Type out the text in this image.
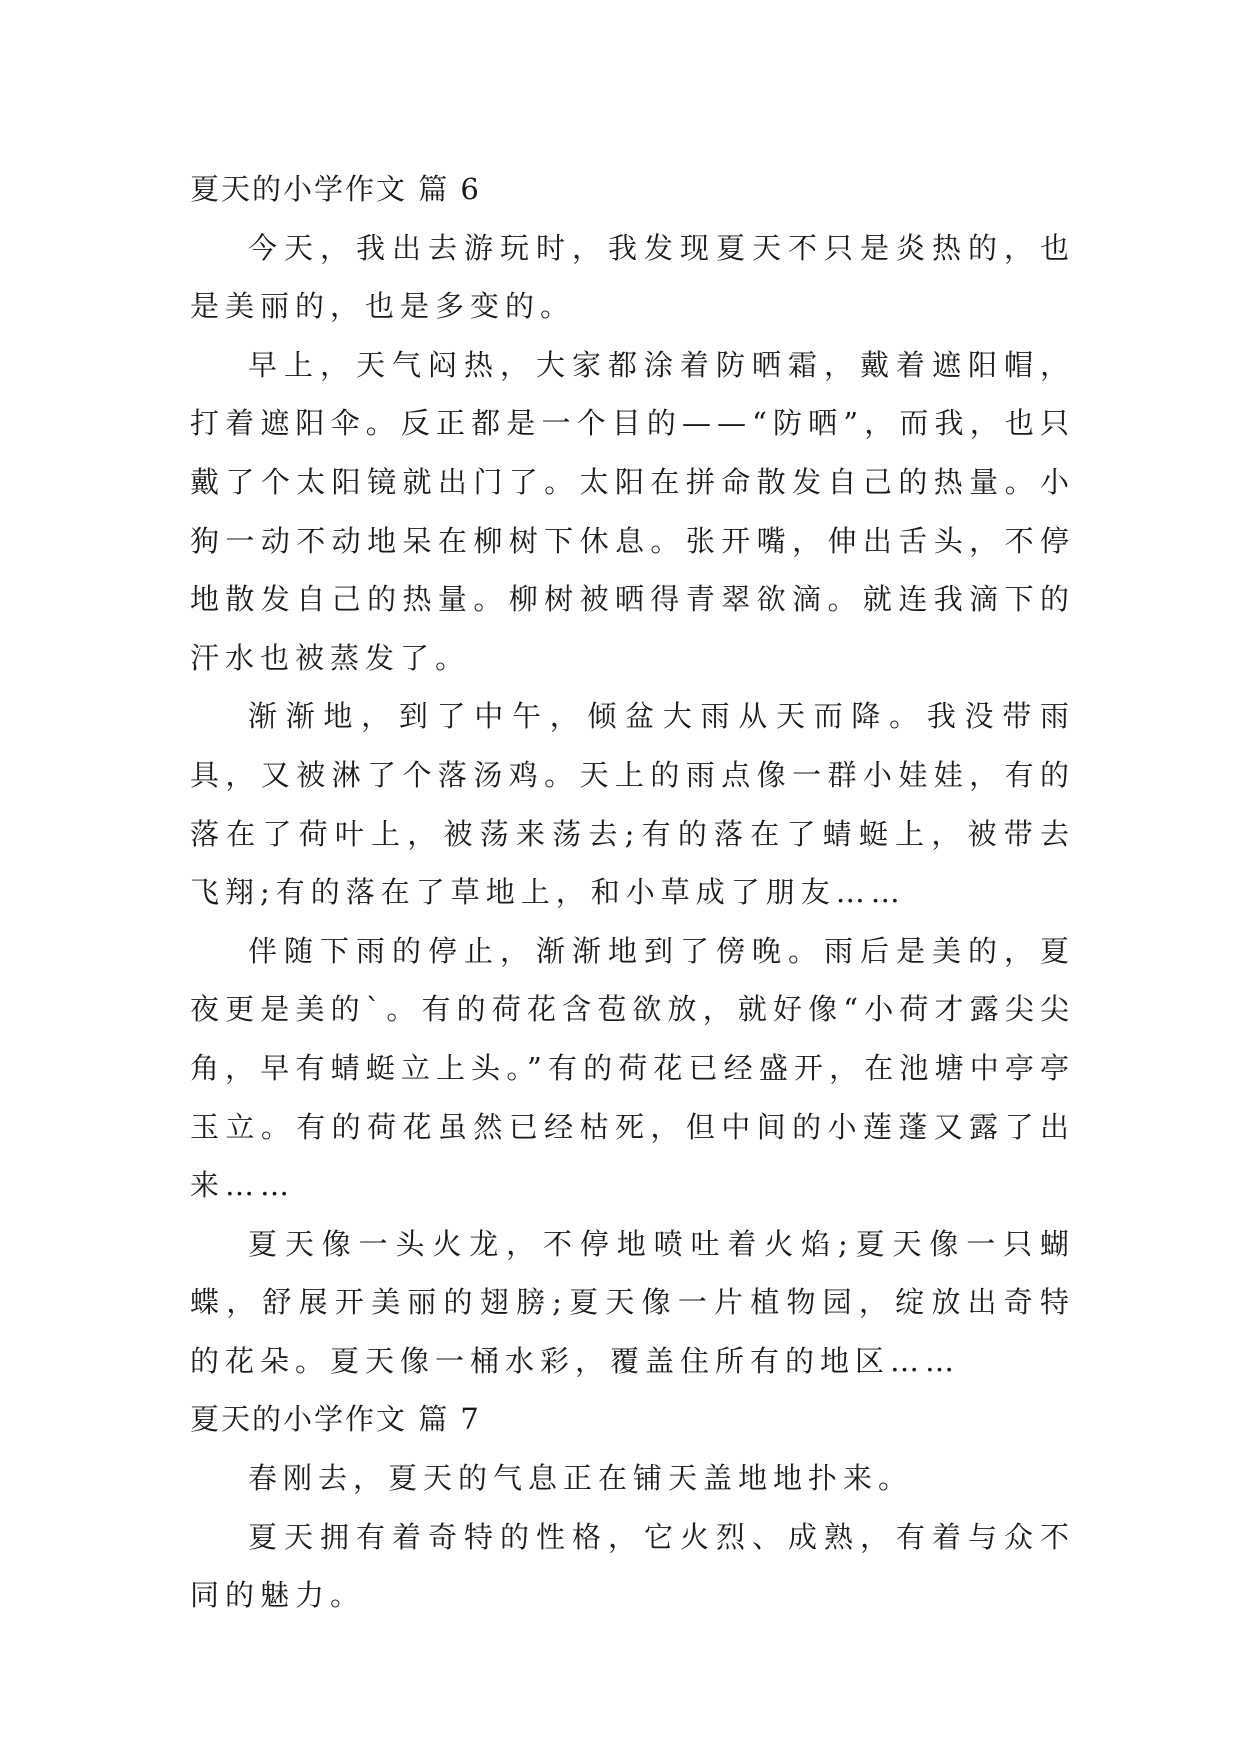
夏天的小学作文 篇 6

今天，我出去游玩时，我发现夏天不只是炎热的，也是美丽的，也是多变的。

早上，天气闷热，大家都涂着防晒霜，戴着遮阳帽，打着遮阳伞。反正都是一个目的——“防晒”，而我，也只戴了个太阳镜就出门了。太阳在拼命散发自己的热量。小狗一动不动地呆在柳树下休息。张开嘴，伸出舌头，不停地散发自己的热量。柳树被晒得青翠欲滴。就连我滴下的汗水也被蒸发了。

渐渐地，到了中午，倾盆大雨从天而降。我没带雨具，又被淋了个落汤鸡。天上的雨点像一群小娃娃，有的落在了荷叶上，被荡来荡去;有的落在了蜻蜓上，被带去飞翔;有的落在了草地上，和小草成了朋友……

伴随下雨的停止，渐渐地到了傍晚。雨后是美的，夏夜更是美的`。有的荷花含苞欲放，就好像“小荷才露尖尖角，早有蜻蜓立上头。”有的荷花已经盛开，在池塘中亭亭玉立。有的荷花虽然已经枯死，但中间的小莲蓬又露了出来……

夏天像一头火龙，不停地喷吐着火焰;夏天像一只蝴蝶，舒展开美丽的翅膀;夏天像一片植物园，绽放出奇特的花朵。夏天像一桶水彩，覆盖住所有的地区……

夏天的小学作文 篇 7

春刚去，夏天的气息正在铺天盖地地扑来。

夏天拥有着奇特的性格，它火烈、成熟，有着与众不同的魅力。
